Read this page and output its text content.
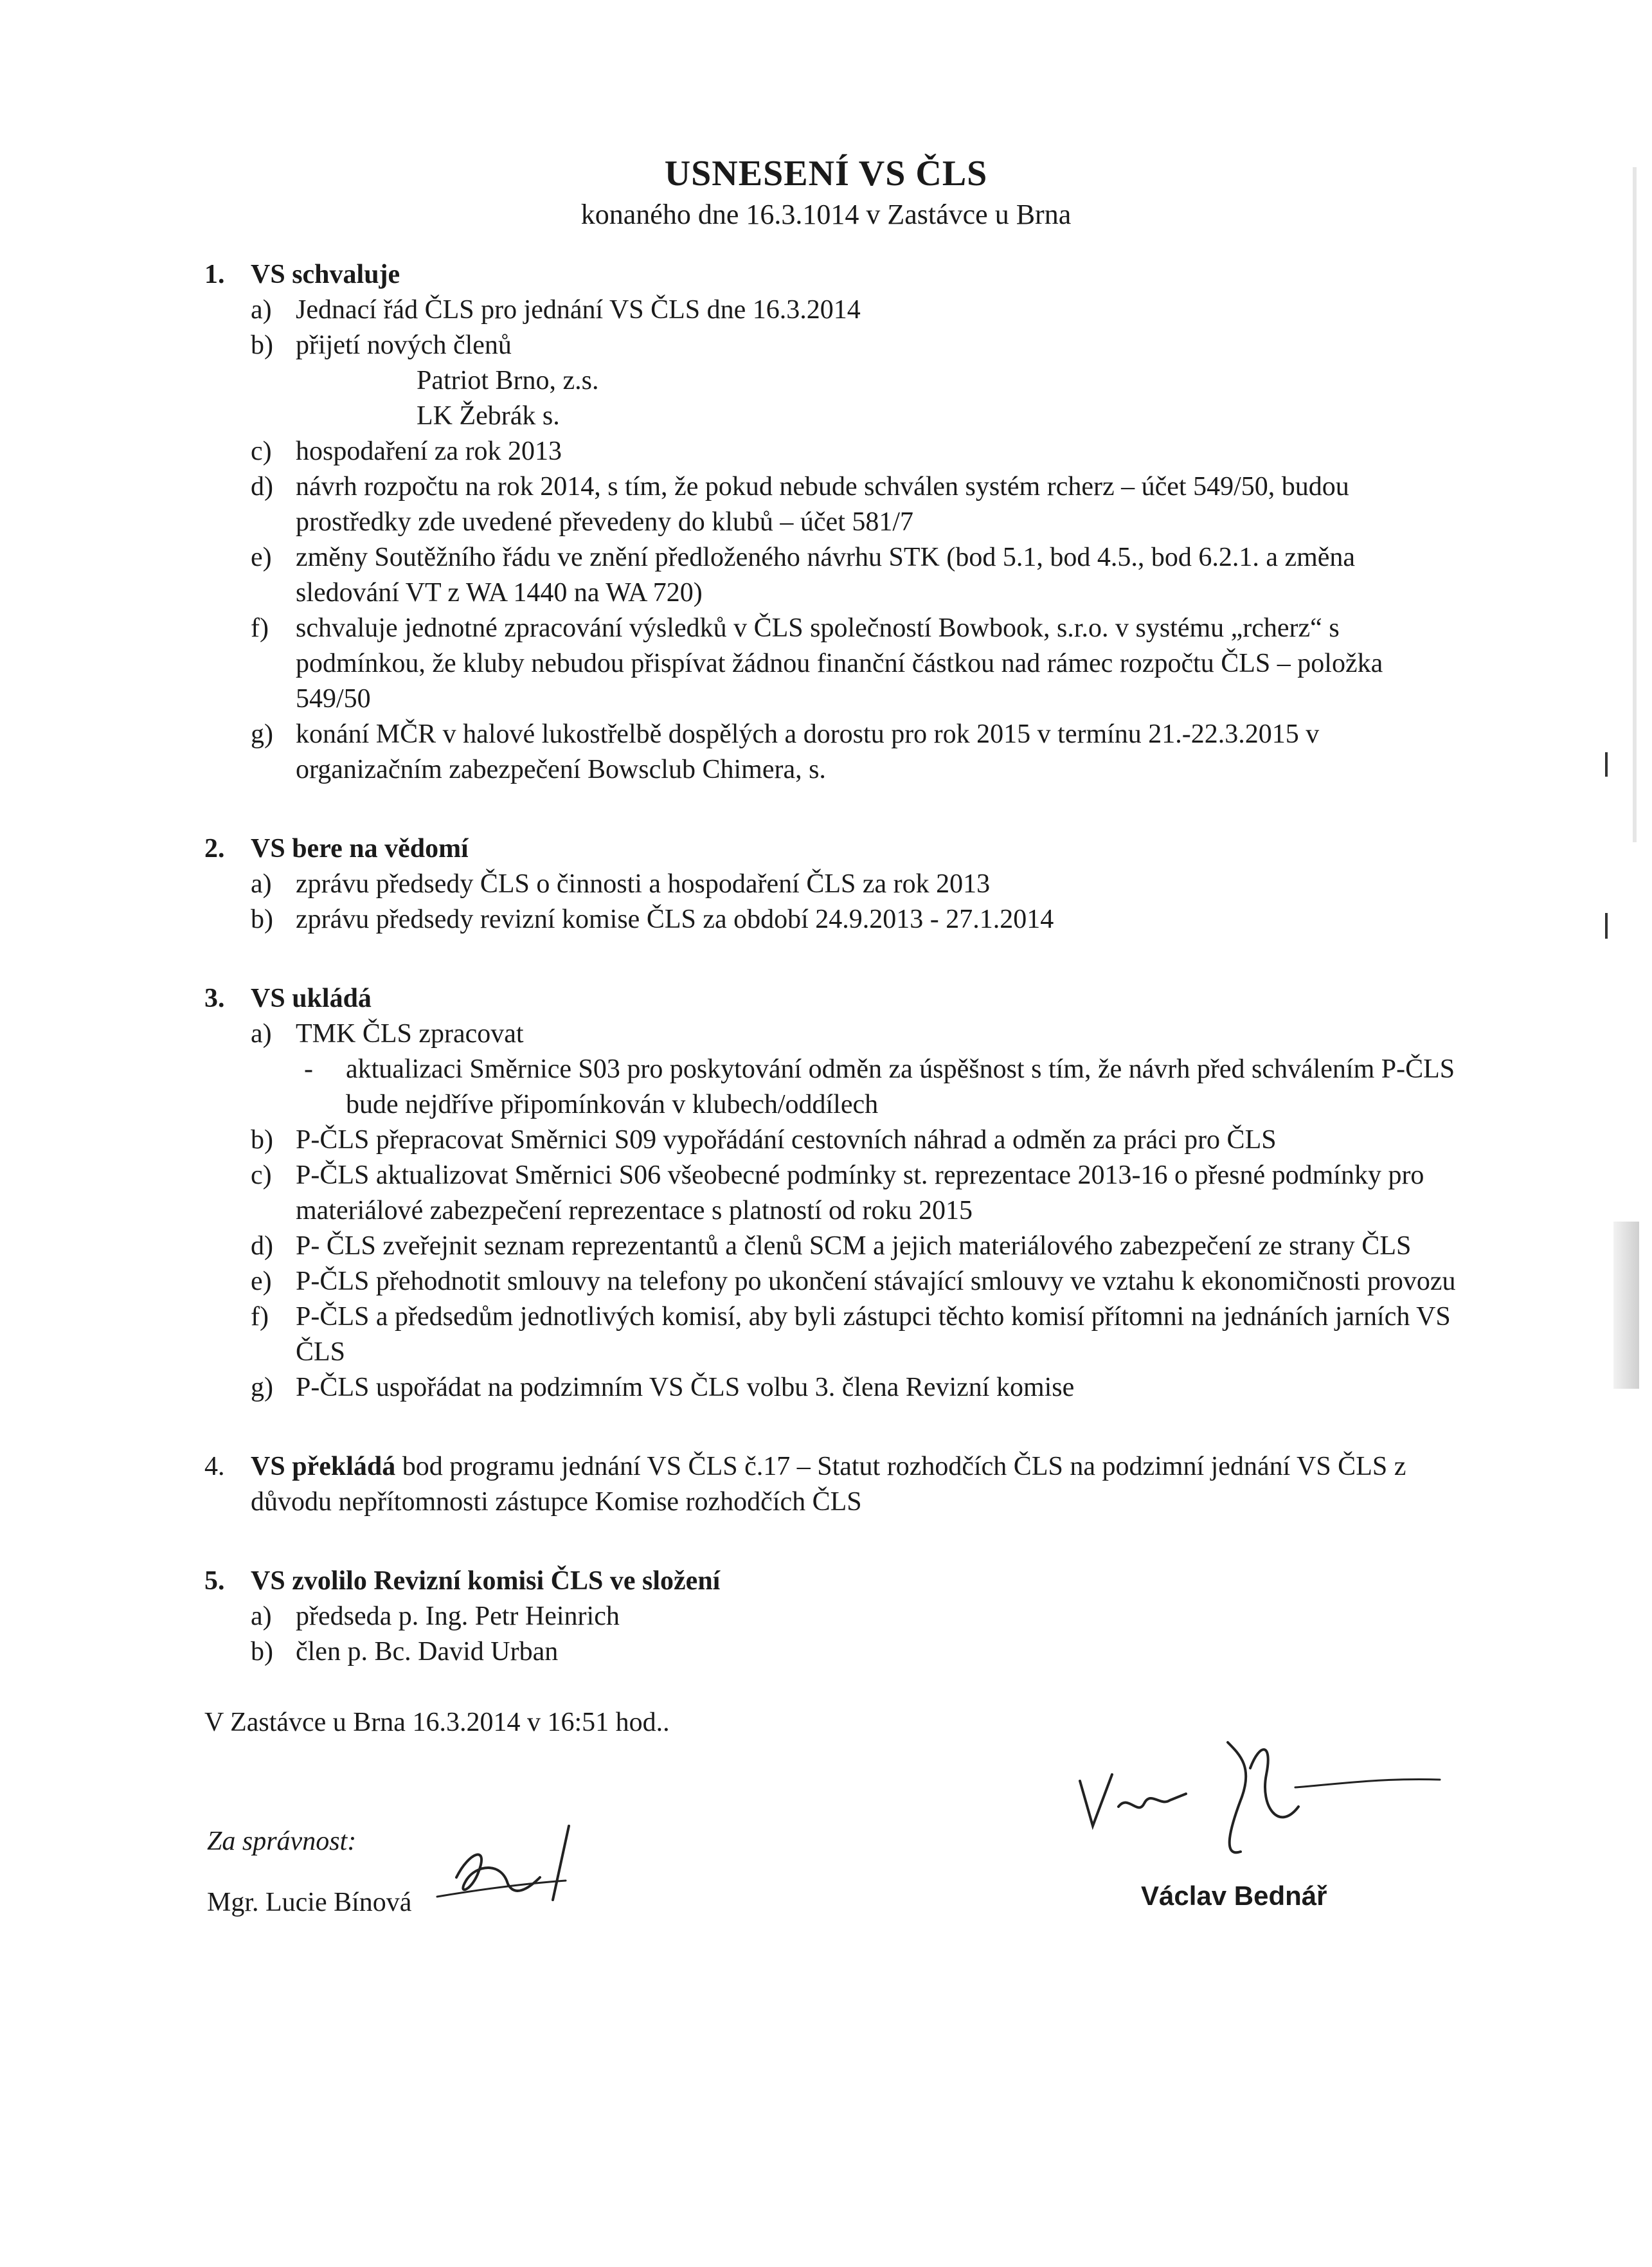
USNESENÍ VS ČLS
konaného dne 16.3.1014 v Zastávce u Brna
1. VS schvaluje
a) Jednací řád ČLS pro jednání VS ČLS dne 16.3.2014
b) přijetí nových členů
Patriot Brno, z.s.
LK Žebrák s.
c) hospodaření za rok 2013
d) návrh rozpočtu na rok 2014, s tím, že pokud nebude schválen systém rcherz – účet 549/50, budou prostředky zde uvedené převedeny do klubů – účet 581/7
e) změny Soutěžního řádu ve znění předloženého návrhu STK (bod 5.1, bod 4.5., bod 6.2.1. a změna sledování VT z WA 1440 na WA 720)
f)	schvaluje jednotné zpracování výsledků v ČLS společností Bowbook, s.r.o. v systému „rcherz“ s podmínkou, že kluby nebudou přispívat žádnou finanční částkou nad rámec rozpočtu ČLS – položka 549/50
g) konání MČR v halové lukostřelbě dospělých a dorostu pro rok 2015 v termínu 21.-22.3.2015 v organizačním zabezpečení Bowsclub Chimera, s.
2. VS bere na vědomí
a) zprávu předsedy ČLS o činnosti a hospodaření ČLS za rok 2013
b) zprávu předsedy revizní komise ČLS za období 24.9.2013 - 27.1.2014
3. VS ukládá
a) TMK ČLS zpracovat
-	aktualizaci Směrnice S03 pro poskytování odměn za úspěšnost s tím, že návrh před schválením P-ČLS bude nejdříve připomínkován v klubech/oddílech
b) P-ČLS přepracovat Směrnici S09 vypořádání cestovních náhrad a odměn za práci pro ČLS
c) P-ČLS aktualizovat Směrnici S06 všeobecné podmínky st. reprezentace 2013-16 o přesné podmínky pro materiálové zabezpečení reprezentace s platností od roku 2015
d) P- ČLS zveřejnit seznam reprezentantů a členů SCM a jejich materiálového zabezpečení ze strany ČLS
e) P-ČLS přehodnotit smlouvy na telefony po ukončení stávající smlouvy ve vztahu k ekonomičnosti provozu
f)	P-ČLS a předsedům jednotlivých komisí, aby byli zástupci těchto komisí přítomni na jednáních jarních VS ČLS
g) P-ČLS uspořádat na podzimním VS ČLS volbu 3. člena Revizní komise
4. VS překládá bod programu jednání VS ČLS č.17 – Statut rozhodčích ČLS na podzimní jednání VS ČLS z důvodu nepřítomnosti zástupce Komise rozhodčích ČLS
5. VS zvolilo Revizní komisi ČLS ve složení
a) předseda p. Ing. Petr Heinrich
b) člen p. Bc. David Urban
V Zastávce u Brna 16.3.2014 v 16:51 hod..
Za správnost:
Mgr. Lucie Bínová	Václav Bednář
